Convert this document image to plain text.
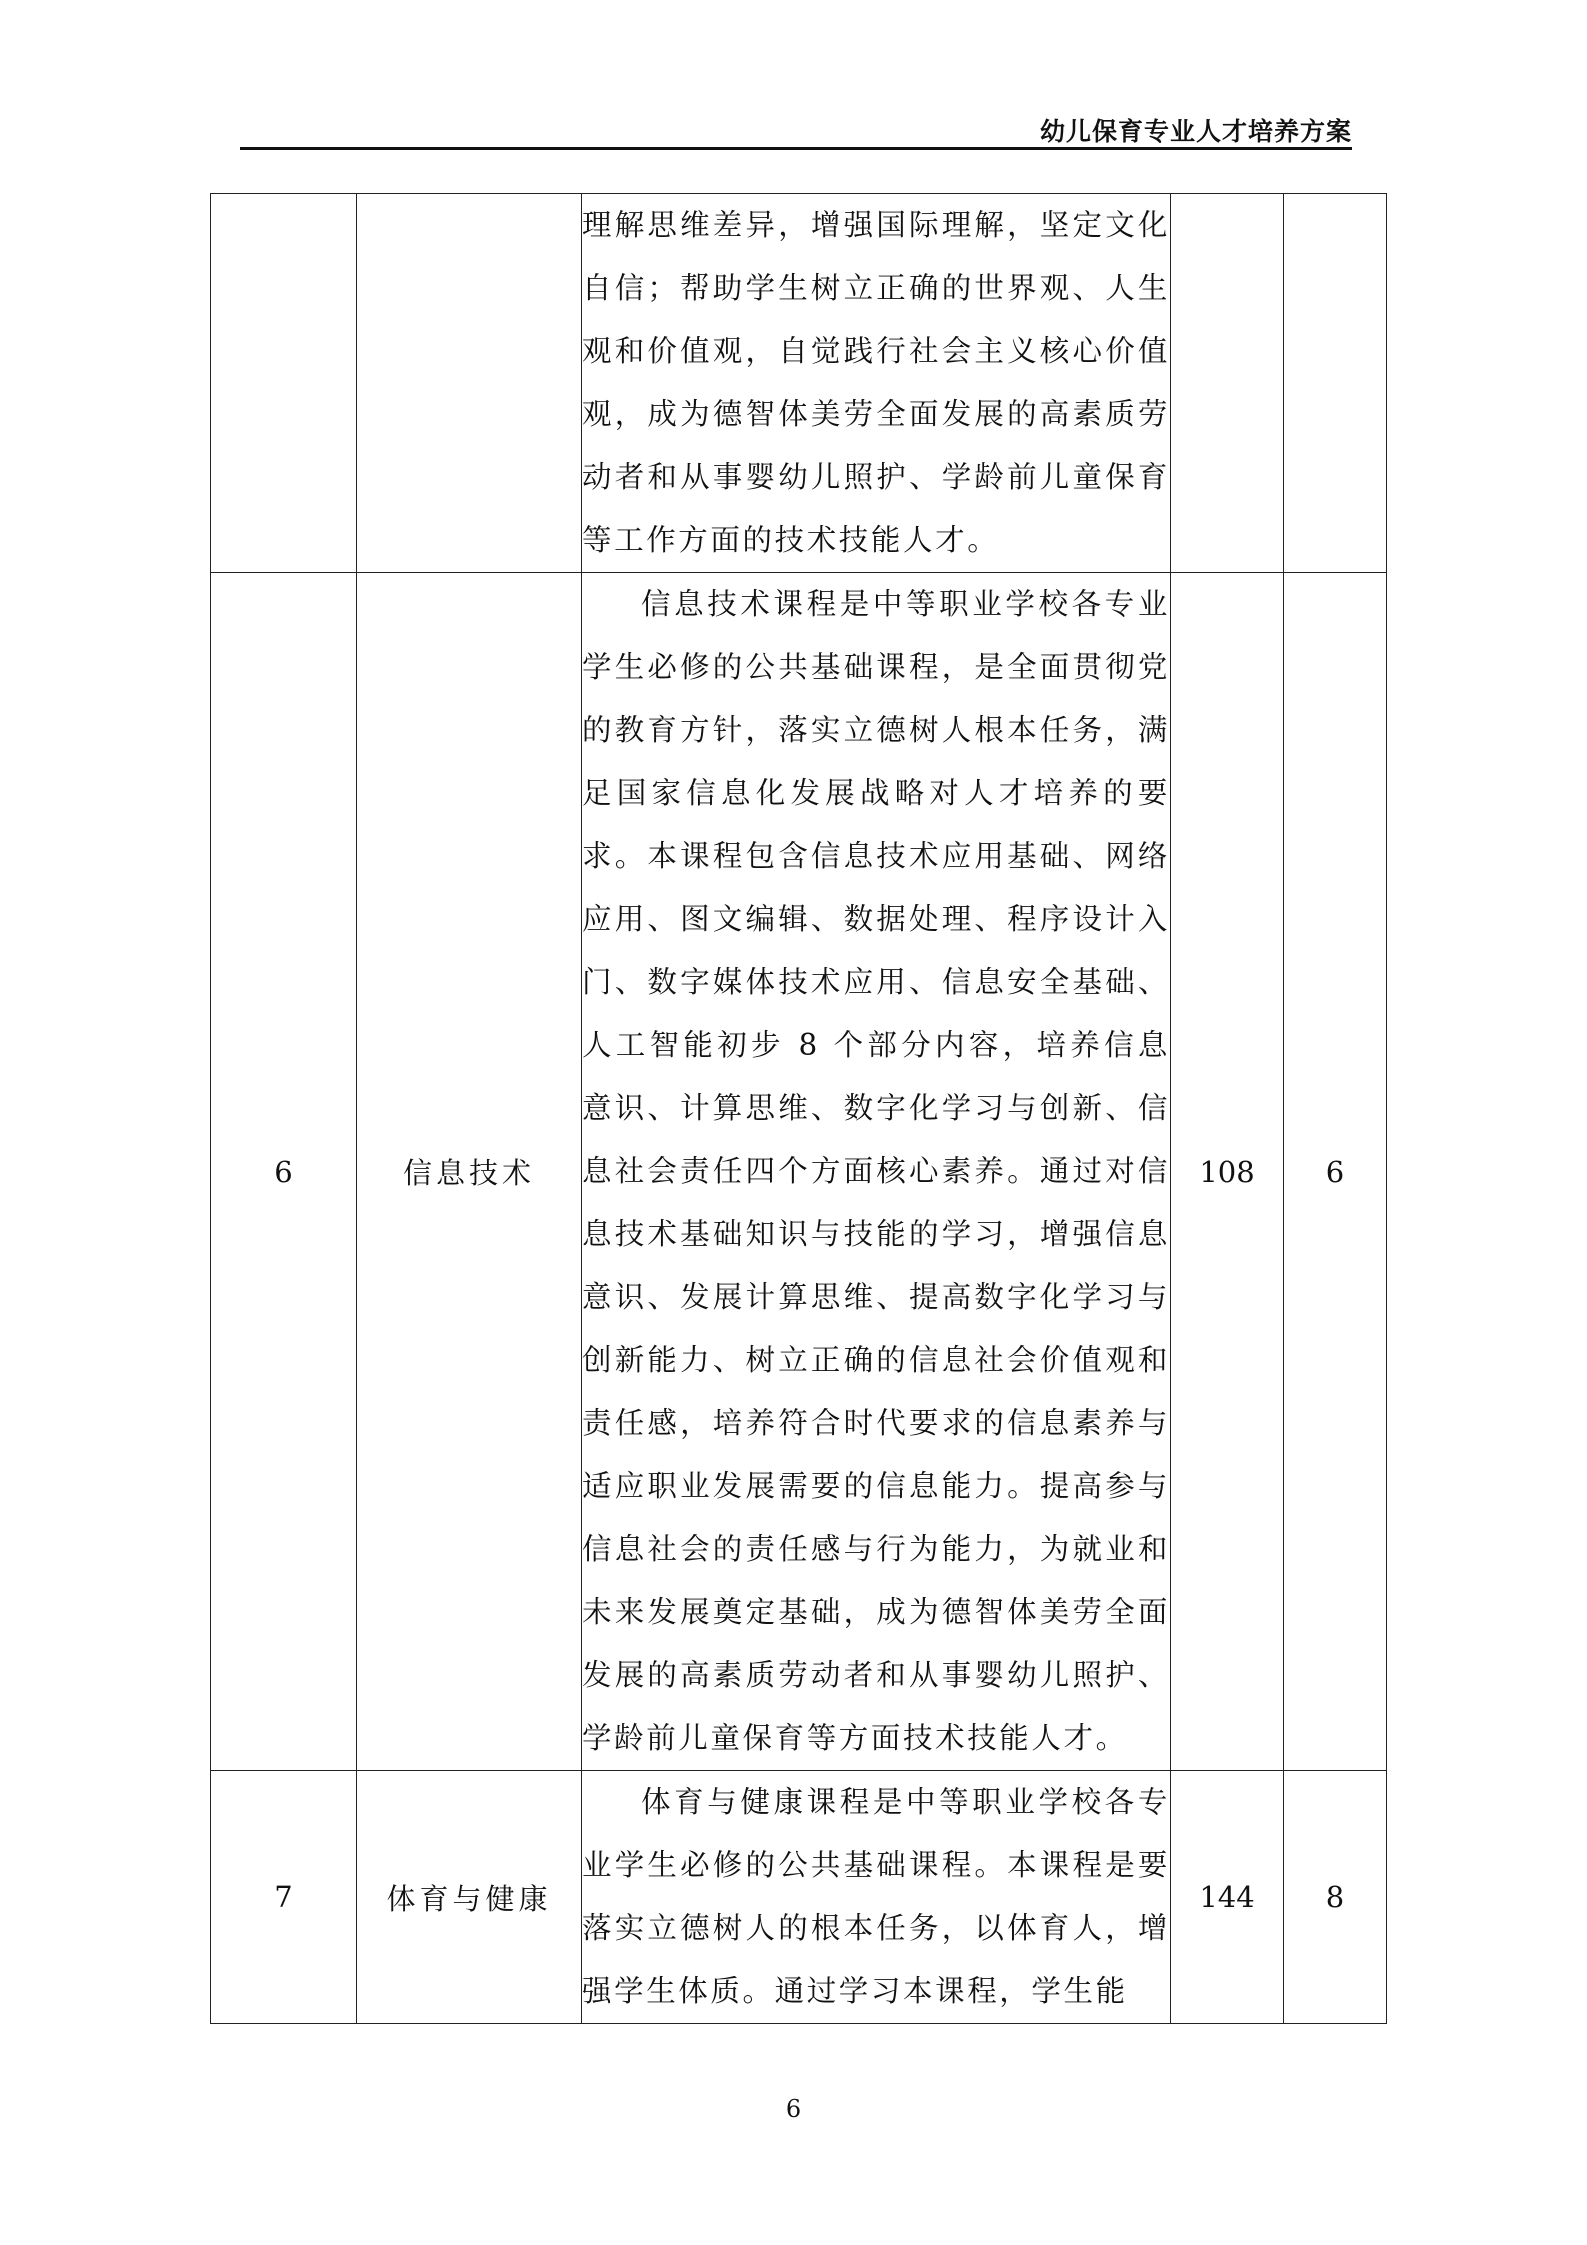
幼儿保育专业人才培养方案

		理解思维差异，增强国际理解，坚定文化自信；帮助学生树立正确的世界观、人生观和价值观，自觉践行社会主义核心价值观，成为德智体美劳全面发展的高素质劳动者和从事婴幼儿照护、学龄前儿童保育等工作方面的技术技能人才。		

6	信息技术	信息技术课程是中等职业学校各专业学生必修的公共基础课程，是全面贯彻党的教育方针，落实立德树人根本任务，满足国家信息化发展战略对人才培养的要求。本课程包含信息技术应用基础、网络应用、图文编辑、数据处理、程序设计入门、数字媒体技术应用、信息安全基础、人工智能初步 8 个部分内容，培养信息意识、计算思维、数字化学习与创新、信息社会责任四个方面核心素养。通过对信息技术基础知识与技能的学习，增强信息意识、发展计算思维、提高数字化学习与创新能力、树立正确的信息社会价值观和责任感，培养符合时代要求的信息素养与适应职业发展需要的信息能力。提高参与信息社会的责任感与行为能力，为就业和未来发展奠定基础，成为德智体美劳全面发展的高素质劳动者和从事婴幼儿照护、学龄前儿童保育等方面技术技能人才。	108	6
7	体育与健康	体育与健康课程是中等职业学校各专业学生必修的公共基础课程。本课程是要落实立德树人的根本任务，以体育人，增强学生体质。通过学习本课程，学生能	144	8
6
